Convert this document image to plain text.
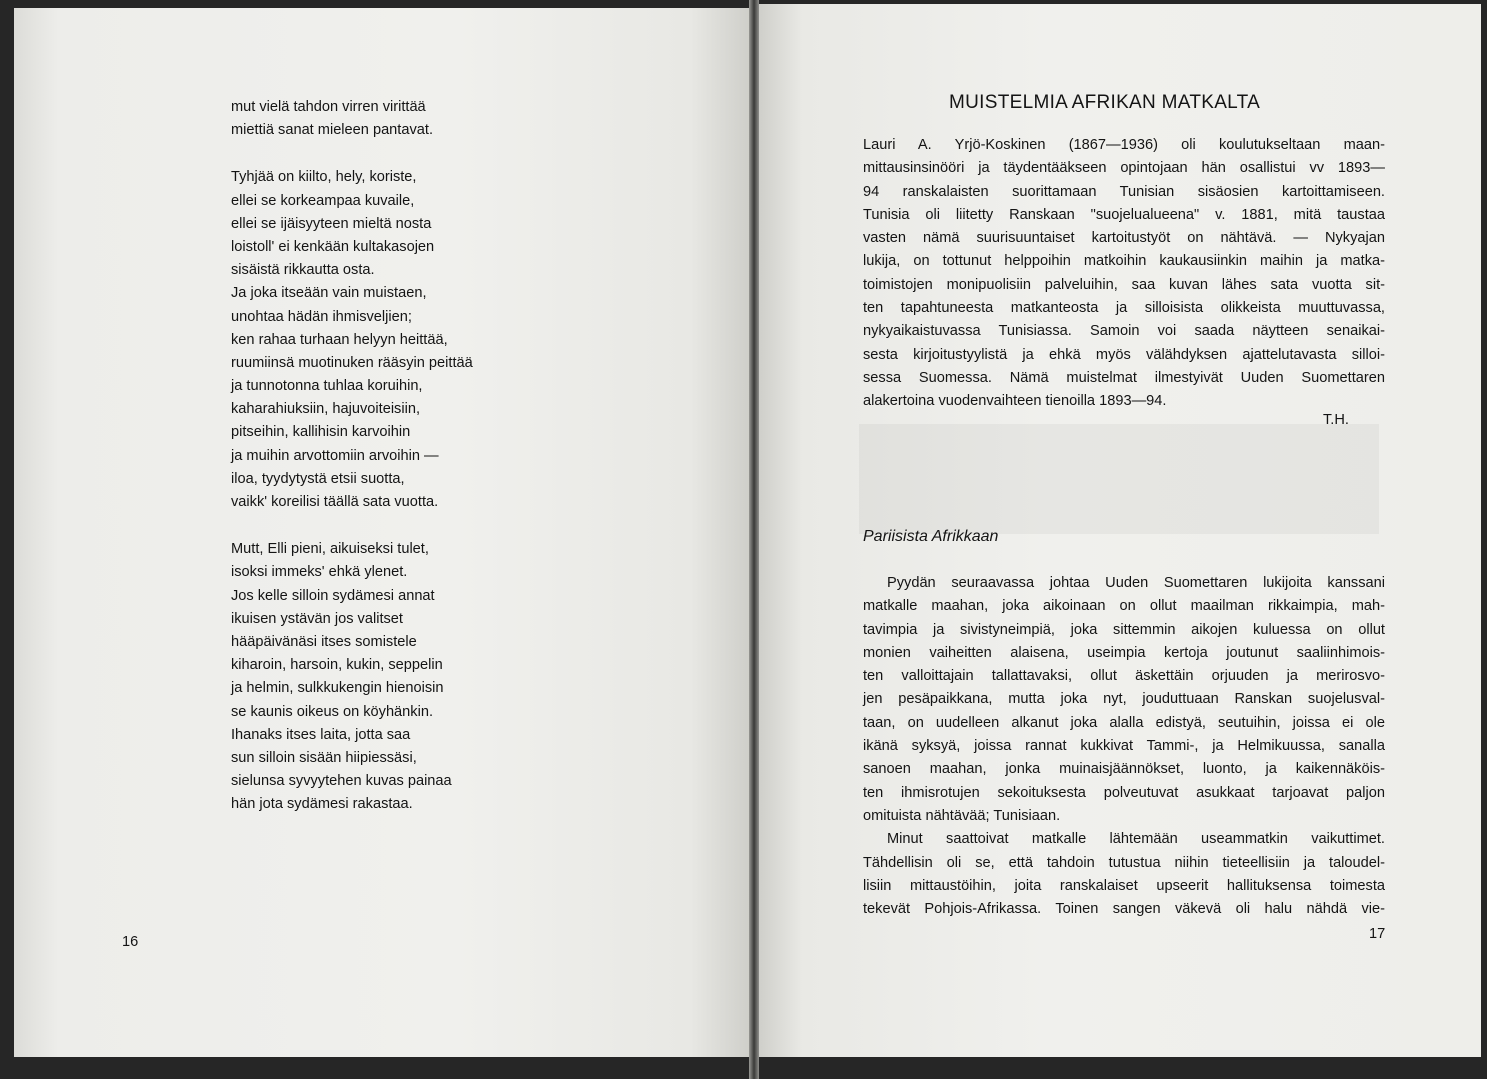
mut vielä tahdon virren virittää
miettiä sanat mieleen pantavat.
Tyhjää on kiilto, hely, koriste,
ellei se korkeampaa kuvaile,
ellei se ijäisyyteen mieltä nosta
loistoll' ei kenkään kultakasojen
sisäistä rikkautta osta.
Ja joka itseään vain muistaen,
unohtaa hädän ihmisveljien;
ken rahaa turhaan helyyn heittää,
ruumiinsä muotinuken rääsyin peittää
ja tunnotonna tuhlaa koruihin,
kaharahiuksiin, hajuvoiteisiin,
pitseihin, kallihisin karvoihin
ja muihin arvottomiin arvoihin —
iloa, tyydytystä etsii suotta,
vaikk' koreilisi täällä sata vuotta.
Mutt, Elli pieni, aikuiseksi tulet,
isoksi immeks' ehkä ylenet.
Jos kelle silloin sydämesi annat
ikuisen ystävän jos valitset
hääpäivänäsi itses somistele
kiharoin, harsoin, kukin, seppelin
ja helmin, sulkkukengin hienoisin
se kaunis oikeus on köyhänkin.
Ihanaks itses laita, jotta saa
sun silloin sisään hiipiessäsi,
sielunsa syvyytehen kuvas painaa
hän jota sydämesi rakastaa.
16
MUISTELMIA AFRIKAN MATKALTA
Lauri A. Yrjö-Koskinen (1867—1936) oli koulutukseltaan maan-
mittausinsinööri ja täydentääkseen opintojaan hän osallistui vv 1893—
94 ranskalaisten suorittamaan Tunisian sisäosien kartoittamiseen.
Tunisia oli liitetty Ranskaan "suojelualueena" v. 1881, mitä taustaa
vasten nämä suurisuuntaiset kartoitustyöt on nähtävä. — Nykyajan
lukija, on tottunut helppoihin matkoihin kaukausiinkin maihin ja matka-
toimistojen monipuolisiin palveluihin, saa kuvan lähes sata vuotta sit-
ten tapahtuneesta matkanteosta ja silloisista olikkeista muuttuvassa,
nykyaikaistuvassa Tunisiassa. Samoin voi saada näytteen senaikai-
sesta kirjoitustyylistä ja ehkä myös välähdyksen ajattelutavasta silloi-
sessa Suomessa. Nämä muistelmat ilmestyivät Uuden Suomettaren
alakertoina vuodenvaihteen tienoilla 1893—94.
T.H.
Pariisista Afrikkaan
Pyydän seuraavassa johtaa Uuden Suomettaren lukijoita kanssani
matkalle maahan, joka aikoinaan on ollut maailman rikkaimpia, mah-
tavimpia ja sivistyneimpiä, joka sittemmin aikojen kuluessa on ollut
monien vaiheitten alaisena, useimpia kertoja joutunut saaliinhimois-
ten valloittajain tallattavaksi, ollut äskettäin orjuuden ja merirosvo-
jen pesäpaikkana, mutta joka nyt, jouduttuaan Ranskan suojelusval-
taan, on uudelleen alkanut joka alalla edistyä, seutuihin, joissa ei ole
ikänä syksyä, joissa rannat kukkivat Tammi-, ja Helmikuussa, sanalla
sanoen maahan, jonka muinaisjäännökset, luonto, ja kaikennäköis-
ten ihmisrotujen sekoituksesta polveutuvat asukkaat tarjoavat paljon
omituista nähtävää; Tunisiaan.
Minut saattoivat matkalle lähtemään useammatkin vaikuttimet.
Tähdellisin oli se, että tahdoin tutustua niihin tieteellisiin ja taloudel-
lisiin mittaustöihin, joita ranskalaiset upseerit hallituksensa toimesta
tekevät Pohjois-Afrikassa. Toinen sangen väkevä oli halu nähdä vie-
17
